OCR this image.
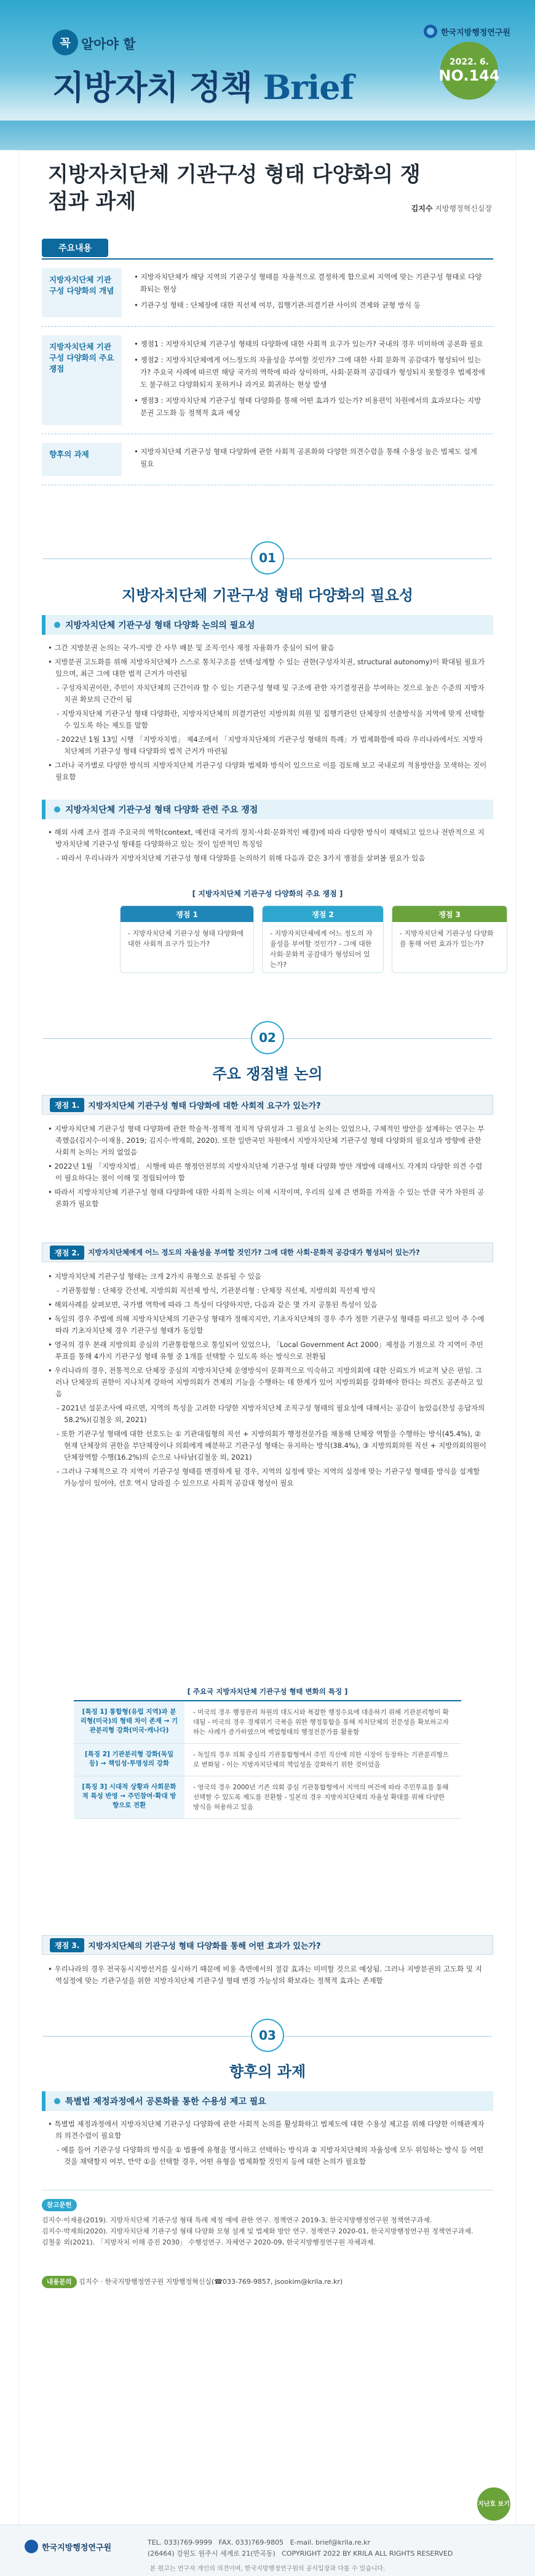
한국지방행정연구원
꼭 알아야 할
지방자치 정책 Brief
2022. 6.
NO.144
지방자치단체 기관구성 형태 다양화의 쟁점과 과제	김지수 지방행정혁신실장
주요내용
지방자치단체 기관구성 다양화의 개념

• 지방자치단체가 해당 지역의 기관구성 형태를 자율적으로 결정하게 함으로써 지역에 맞는 기관구성 형태로 다양화되는 현상

• 기관구성 형태 : 단체장에 대한 직선제 여부, 집행기관-의결기관 사이의 견제와 균형 방식 등

지방자치단체 기관구성 다양화의 주요 쟁점

• 쟁점1 : 지방자치단체 기관구성 형태의 다양화에 대한 사회적 요구가 있는가? 국내의 경우 미미하며 공론화 필요

• 쟁점2 : 지방자치단체에게 어느정도의 자율성을 부여할 것인가? 그에 대한 사회 문화적 공감대가 형성되어 있는가? 주요국 사례에 따르면 해당 국가의 역학에 따라 상이하며, 사회·문화적 공감대가 형성되지 못할경우 법제정에도 불구하고 다양화되지 못하거나 과거로 회귀하는 현상 발생

• 쟁점3 : 지방자치단체 기관구성 형태 다양화를 통해 어떤 효과가 있는가? 비용편익 차원에서의 효과보다는 지방분권 고도화 등 정책적 효과 예상

향후의 과제	• 지방자치단체 기관구성 형태 다양화에 관한 사회적 공론화와 다양한 의견수렴을 통해 수용성 높은 법제도 설계 필요

01
지방자치단체 기관구성 형태 다양화의 필요성
지방자치단체 기관구성 형태 다양화 논의의 필요성

• 그간 지방분권 논의는 국가-지방 간 사무 배분 및 조직·인사 재정 자율화가 중심이 되어 왔음

• 지방분권 고도화를 위해 지방자치단체가 스스로 통치구조를 선택·설계할 수 있는 권한(구성자치권, structural autonomy)이 확대될 필요가 있으며, 최근 그에 대한 법적 근거가 마련됨

- 구성자치권이란, 주민이 자치단체의 근간이라 할 수 있는 기관구성 형태 및 구조에 관한 자기결정권을 부여하는 것으로 높은 수준의 지방자치권 확보의 근간이 됨

- 지방자치단체 기관구성 형태 다양화란, 지방자치단체의 의결기관인 지방의회 의원 및 집행기관인 단체장의 선출방식을 지역에 맞게 선택할 수 있도록 하는 제도를 말함

- 2022년 1월 13일 시행 「지방자치법」 제4조에서 「지방자치단체의 기관구성 형태의 특례」가 법제화함에 따라 우리나라에서도 지방자치단체의 기관구성 형태 다양화의 법적 근거가 마련됨

• 그러나 국가별로 다양한 방식의 지방자치단체 기관구성 다양화 법제화 방식이 있으므로 이를 검토해 보고 국내로의 적용방안을 모색하는 것이 필요함

지방자치단체 기관구성 형태 다양화 관련 주요 쟁점

• 해외 사례 조사 결과 주요국의 역학(context, 예컨대 국가의 정치·사회·문화적인 배경)에 따라 다양한 방식이 채택되고 있으나 전반적으로 지방자치단체 기관구성 형태를 다양화하고 있는 것이 일반적인 특징임

- 따라서 우리나라가 지방자치단체 기관구성 형태 다양화를 논의하기 위해 다음과 같은 3가지 쟁점을 살펴볼 필요가 있음

[ 지방자치단체 기관구성 다양화의 주요 쟁점 ]
쟁점 1
- 지방자치단체 기관구성 형태 다양화에 대한 사회적 요구가 있는가?
쟁점 2
- 지방자치단체에게 어느 정도의 자율성을 부여할 것인가? - 그에 대한 사회·문화적 공감대가 형성되어 있는가?
쟁점 3
- 지방자치단체 기관구성 다양화를 통해 어떤 효과가 있는가?
02
주요 쟁점별 논의
쟁점 1.	지방자치단체 기관구성 형태 다양화에 대한 사회적 요구가 있는가?

• 지방자치단체 기관구성 형태 다양화에 관한 학술적·정책적 정치적 당위성과 그 필요성 논의는 있었으나, 구체적인 방안을 설계하는 연구는 부족했음(김지수·이재용, 2019; 김지수·박재희, 2020). 또한 일반국민 차원에서 지방자치단체 기관구성 형태 다양화의 필요성과 방향에 관한 사회적 논의는 거의 없었음

• 2022년 1월 「지방자치법」 시행에 따른 행정안전부의 지방자치단체 기관구성 형태 다양화 방안 개발에 대해서도 각계의 다양한 의견 수렴이 필요하다는 점이 이해 및 정립되어야 함

• 따라서 지방자치단체 기관구성 형태 다양화에 대한 사회적 논의는 이제 시작이며, 우리의 실제 큰 변화를 가져올 수 있는 만큼 국가 차원의 공론화가 필요함

쟁점 2.	지방자치단체에게 어느 정도의 자율성을 부여할 것인가? 그에 대한 사회·문화적 공감대가 형성되어 있는가?

• 지방자치단체 기관구성 형태는 크게 2가지 유형으로 분류될 수 있음

- 기관통합형 : 단체장 간선제, 지방의회 직선제 방식, 기관분리형 : 단체장 직선제, 지방의회 직선제 방식

• 해외사례를 살펴보면, 국가별 역학에 따라 그 특성이 다양하지만, 다음과 같은 몇 가지 공통된 특성이 있음

• 독일의 경우 주법에 의해 지방자치단체의 기관구성 형태가 정해지지만, 기초자치단체의 경우 주가 정한 기관구성 형태를 따르고 있어 주 수에 따라 기초자치단체 경우 기관구성 형태가 동일함

• 영국의 경우 본래 지방의회 중심의 기관통합형으로 통일되어 있었으나, 「Local Government Act 2000」제정을 기점으로 각 지역이 주민투표를 통해 4가지 기관구성 형태 유형 중 1개를 선택할 수 있도록 하는 방식으로 전환됨

• 우리나라의 경우, 전통적으로 단체장 중심의 지방자치단체 운영방식이 문화적으로 익숙하고 지방의회에 대한 신뢰도가 비교적 낮은 편임. 그러나 단체장의 권한이 지나치게 강하여 지방의회가 견제의 기능을 수행하는 데 한계가 있어 지방의회를 강화해야 한다는 의견도 공존하고 있음

- 2021년 설문조사에 따르면, 지역의 특성을 고려한 다양한 지방자치단체 조직구성 형태의 필요성에 대해서는 공감이 높았음(찬성 응답자의 58.2%)(김철웅 외, 2021)

- 또한 기관구성 형태에 대한 선호도는 ① 기관대립형의 직선 + 지방의회가 행정전문가를 채용해 단체장 역할을 수행하는 방식(45.4%), ② 현재 단체장의 권한을 부단체장이나 의회에게 배분하고 기관구성 형태는 유지하는 방식(38.4%), ③ 지방의회의원 직선 + 지방의회의원이 단체장역할 수행(16.2%)의 순으로 나타남(김철웅 외, 2021)

- 그러나 구체적으로 각 지역이 기관구성 형태를 변경하게 될 경우, 지역의 실정에 맞는 지역의 실정에 맞는 기관구성 형태를 방식을 설계할 가능성이 있어야, 선호 역시 달라질 수 있으므로 사회적 공감대 형성이 필요

[ 주요국 지방자치단체 기관구성 형태 변화의 특징 ]
[특징 1] 통합형(유럽 지역)과 분리형(미국)의 형태 차이 존재 → 기관분리형 강화(미국·캐나다)
- 미국의 경우 행정관리 차원의 대도시와 복잡한 행정수요에 대응하기 위해 기관분리형이 확대됨 - 미국의 경우 경제위기 극복을 위한 행정통합을 통해 자치단체의 전문성을 확보하고자 하는 사례가 증가하였으며 백업형태의 행정전문가를 활용함
[특징 2] 기관분리형 강화(독일 등) → 책임성·투명성의 강화
- 독일의 경우 의회 중심의 기관통합형에서 주민 직선에 의한 시장이 등장하는 기관분리형으로 변화됨 - 이는 지방자치단체의 책임성을 강화하기 위한 것이었음
[특징 3] 시대적 상황과 사회문화적 특성 반영 → 주민참여·확대 방향으로 전환
- 영국의 경우 2000년 기존 의회 중심 기관통합형에서 지역의 여건에 따라 주민투표를 통해 선택할 수 있도록 제도를 전환함 - 일본의 경우 지방자치단체의 자율성 확대를 위해 다양한 방식을 허용하고 있음
쟁점 3.	지방자치단체의 기관구성 형태 다양화를 통해 어떤 효과가 있는가?

• 우리나라의 경우 전국동시지방선거를 실시하기 때문에 비용 측면에서의 절감 효과는 미미할 것으로 예상됨. 그러나 지방분권의 고도화 및 지역실정에 맞는 기관구성을 위한 지방자치단체 기관구성 형태 변경 가능성의 확보라는 정책적 효과는 존재함

03
향후의 과제
특별법 제정과정에서 공론화를 통한 수용성 제고 필요

• 특별법 제정과정에서 지방자치단체 기관구성 다양화에 관한 사회적 논의를 활성화하고 법제도에 대한 수용성 제고를 위해 다양한 이해관계자의 의견수렴이 필요함

- 예를 들어 기관구성 다양화의 방식을 ① 법률에 유형을 명시하고 선택하는 방식과 ② 지방자치단체의 자율성에 모두 위임하는 방식 등 어떤 것을 채택할지 여부, 만약 ①을 선택할 경우, 어떤 유형을 법제화할 것인지 등에 대한 논의가 필요함

참고문헌

김지수·이재용(2019). 지방자치단체 기관구성 형태 특례 제정 예에 관한 연구. 정책연구 2019-3, 한국지방행정연구원 정책연구과제.

김지수·박재희(2020). 지방자치단체 기관구성 형태 다양화 모형 설계 및 법제화 방안 연구. 정책연구 2020-01, 한국지방행정연구원 정책연구과제.

김철웅 외(2021). 「지방자치 이해 증진 2030」 수행성연구. 자체연구 2020-09, 한국지방행정연구원 자체과제.

내용문의 김지수 · 한국지방행정연구원 지방행정혁신실(☎033-769-9857, jsookim@krila.re.kr)
지난호 보기
한국지방행정연구원
TEL. 033)769-9999 FAX. 033)769-9805 E-mail. brief@krila.re.kr
(26464) 강원도 원주시 세계로 21(반곡동) COPYRIGHT 2022 BY KRILA ALL RIGHTS RESERVED
본 원고는 연구자 개인의 의견이며, 한국지방행정연구원의 공식입장과 다를 수 있습니다.
